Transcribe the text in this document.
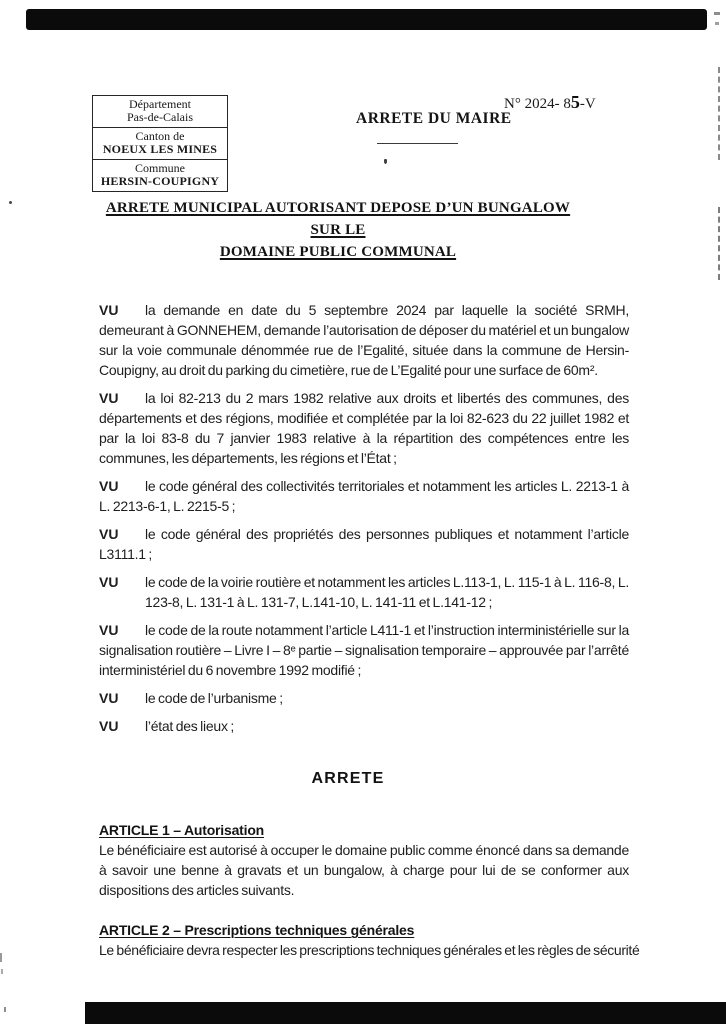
Département
Pas-de-Calais
Canton de
NOEUX LES MINES
Commune
HERSIN-COUPIGNY
N° 2024- 85-V
ARRETE DU MAIRE
ARRETE MUNICIPAL AUTORISANT DEPOSE D’UN BUNGALOW SUR LE
DOMAINE PUBLIC COMMUNAL
VU la demande en date du 5 septembre 2024 par laquelle la société SRMH, demeurant à GONNEHEM, demande l’autorisation de déposer du matériel et un bungalow sur la voie communale dénommée rue de l’Egalité, située dans la commune de Hersin-Coupigny, au droit du parking du cimetière, rue de L’Egalité pour une surface de 60m².
VU la loi 82-213 du 2 mars 1982 relative aux droits et libertés des communes, des départements et des régions, modifiée et complétée par la loi 82-623 du 22 juillet 1982 et par la loi 83-8 du 7 janvier 1983 relative à la répartition des compétences entre les communes, les départements, les régions et l’État ;
VU le code général des collectivités territoriales et notamment les articles L. 2213-1 à L. 2213-6-1, L. 2215-5 ;
VU le code général des propriétés des personnes publiques et notamment l’article L3111.1 ;
VU le code de la voirie routière et notamment les articles L.113-1, L. 115-1 à L. 116-8, L. 123-8, L. 131-1 à L. 131-7, L.141-10, L. 141-11 et L.141-12 ;
VU le code de la route notamment l’article L411-1 et l’instruction interministérielle sur la signalisation routière – Livre I – 8ᵉ partie – signalisation temporaire – approuvée par l’arrêté interministériel du 6 novembre 1992 modifié ;
VU le code de l’urbanisme ;
VU l’état des lieux ;
ARRETE
ARTICLE 1 – Autorisation
Le bénéficiaire est autorisé à occuper le domaine public comme énoncé dans sa demande à savoir une benne à gravats et un bungalow, à charge pour lui de se conformer aux dispositions des articles suivants.
ARTICLE 2 – Prescriptions techniques générales
Le bénéficiaire devra respecter les prescriptions techniques générales et les règles de sécurité
